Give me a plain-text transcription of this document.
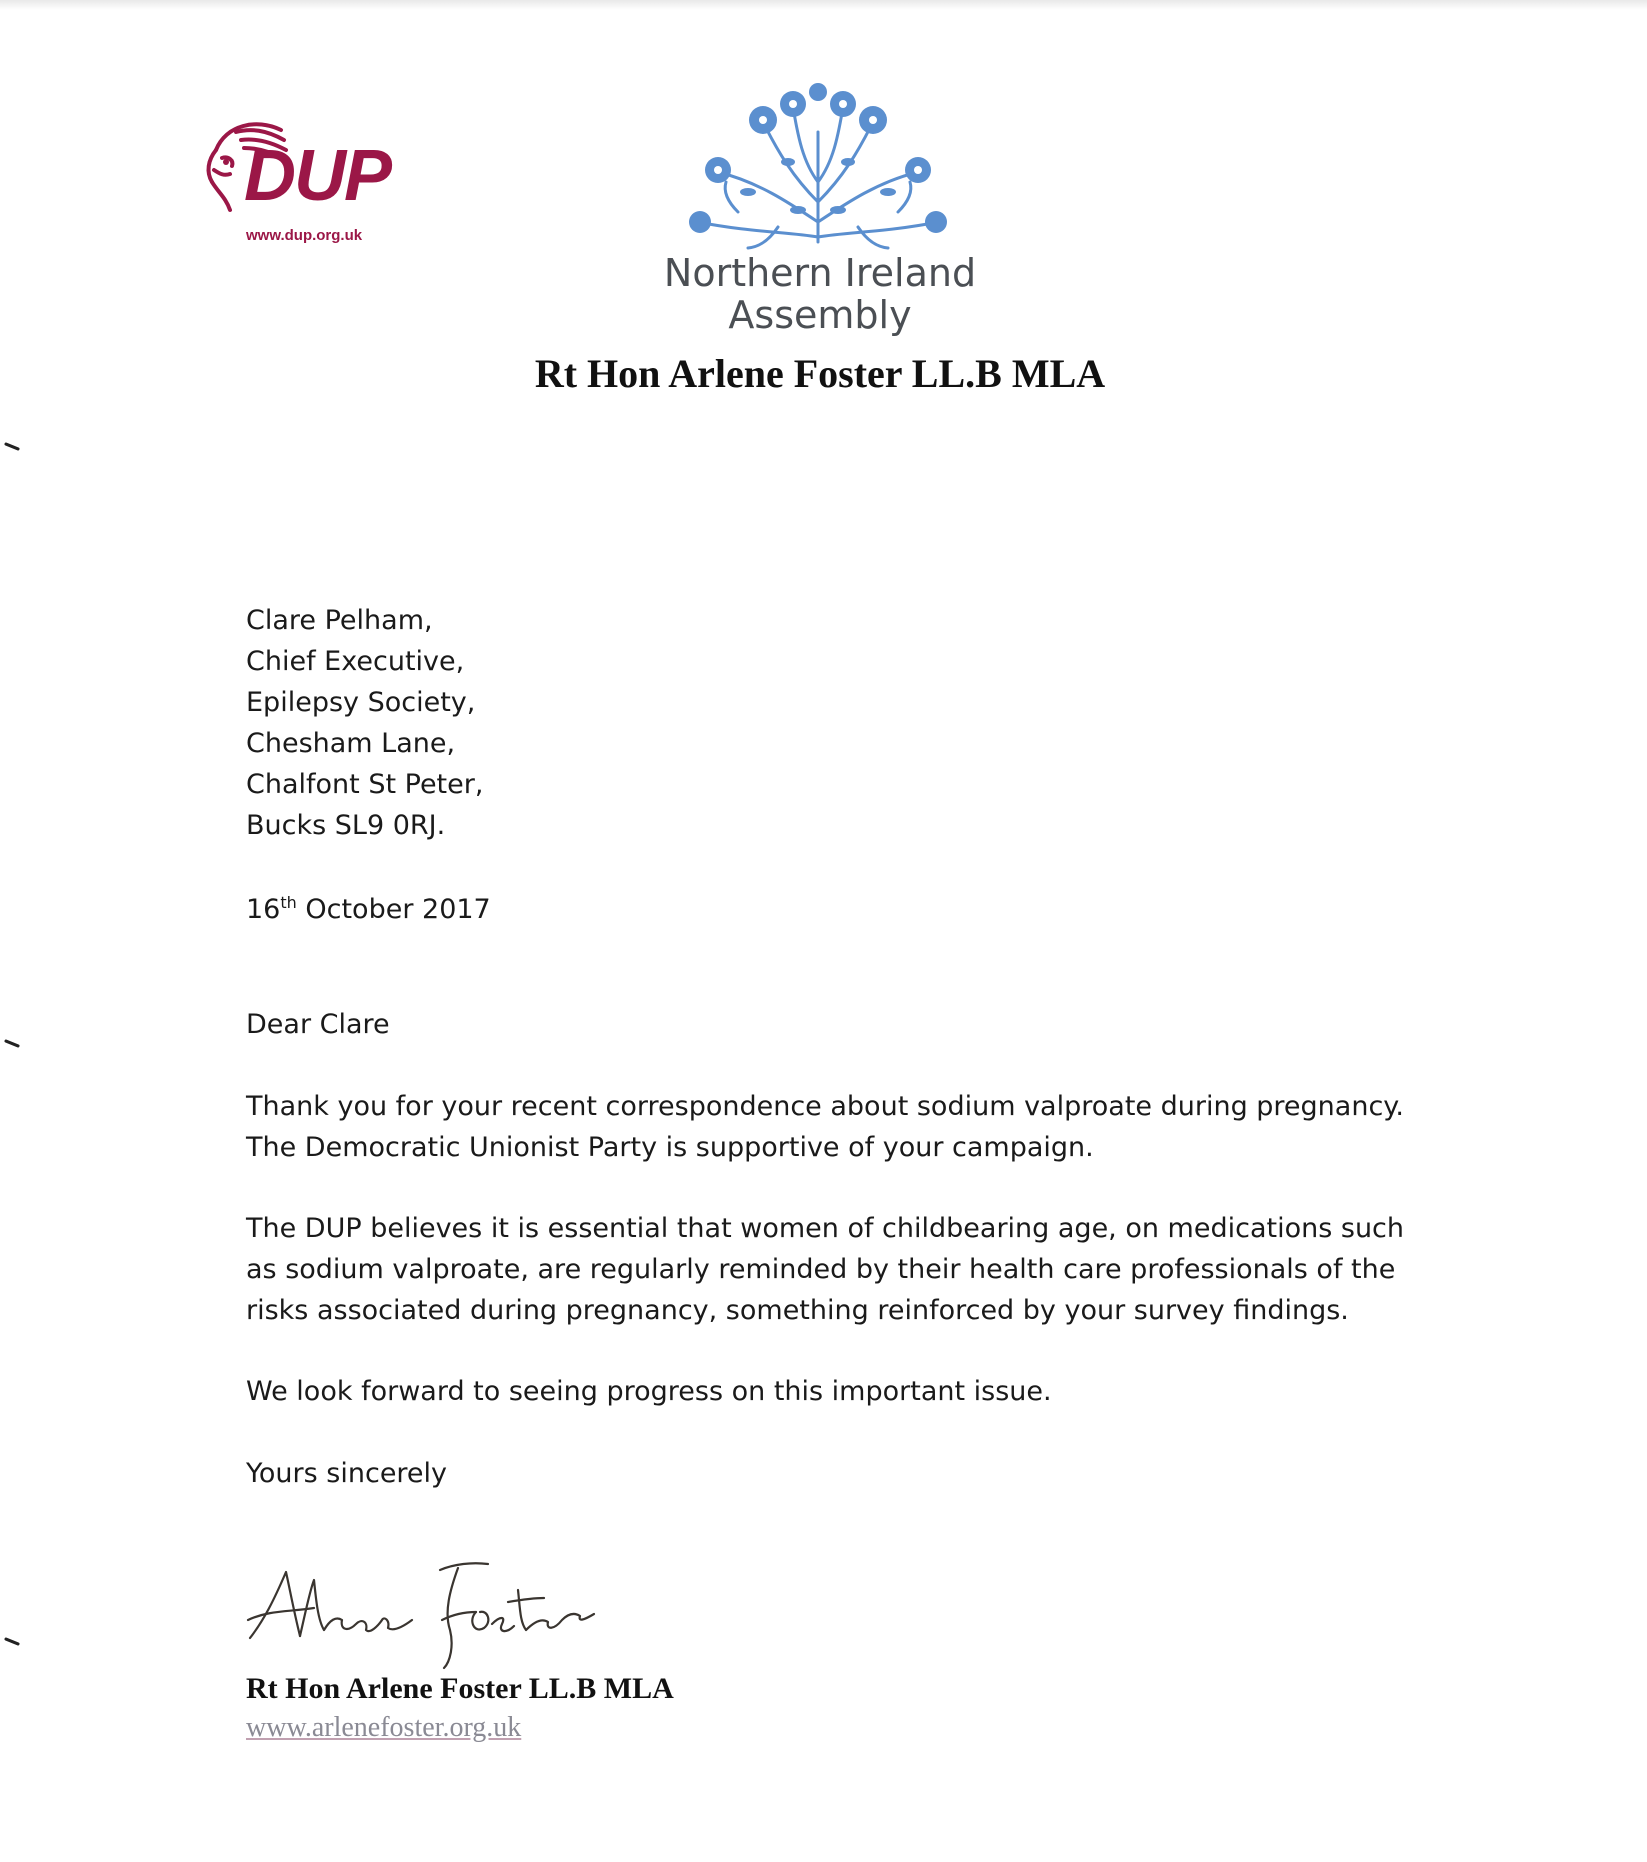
DUP
www.dup.org.uk
Northern Ireland
Assembly
Rt Hon Arlene Foster LL.B MLA
Clare Pelham,
Chief Executive,
Epilepsy Society,
Chesham Lane,
Chalfont St Peter,
Bucks SL9 0RJ.
16th October 2017
Dear Clare

Thank you for your recent correspondence about sodium valproate during pregnancy. The Democratic Unionist Party is supportive of your campaign.

The DUP believes it is essential that women of childbearing age, on medications such as sodium valproate, are regularly reminded by their health care professionals of the risks associated during pregnancy, something reinforced by your survey findings.

We look forward to seeing progress on this important issue.

Yours sincerely
Rt Hon Arlene Foster LL.B MLA
www.arlenefoster.org.uk
